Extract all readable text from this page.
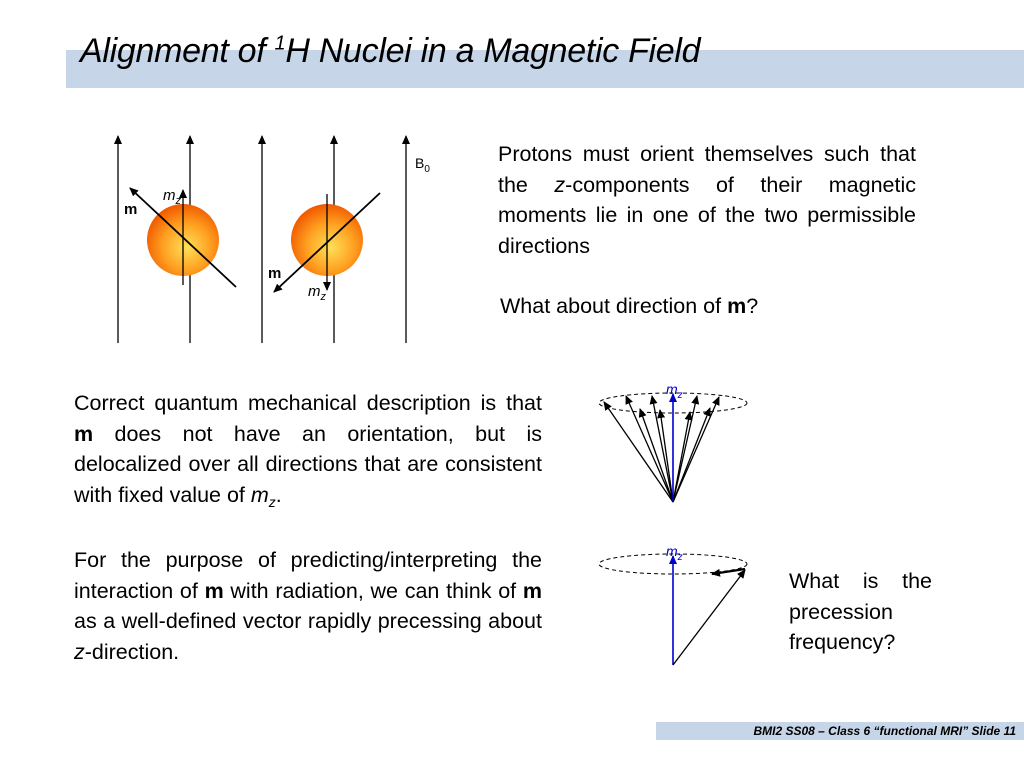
Alignment of $^1$H Nuclei in a Magnetic Field
$B_0$
m
$m_z$
m
$m_z$
$m_z$
$m_z$

Protons must orient themselves such that the z-components of their magnetic moments lie in one of the two permissible directions

What about direction of m?

Correct quantum mechanical description is that m does not have an orientation, but is delocalized over all directions that are consistent with fixed value of $m_z$.

For the purpose of predicting/interpreting the interaction of m with radiation, we can think of m as a well-defined vector rapidly precessing about z-direction.

What is the precession frequency?

BMI2 SS08 – Class 6 “functional MRI” Slide 11
